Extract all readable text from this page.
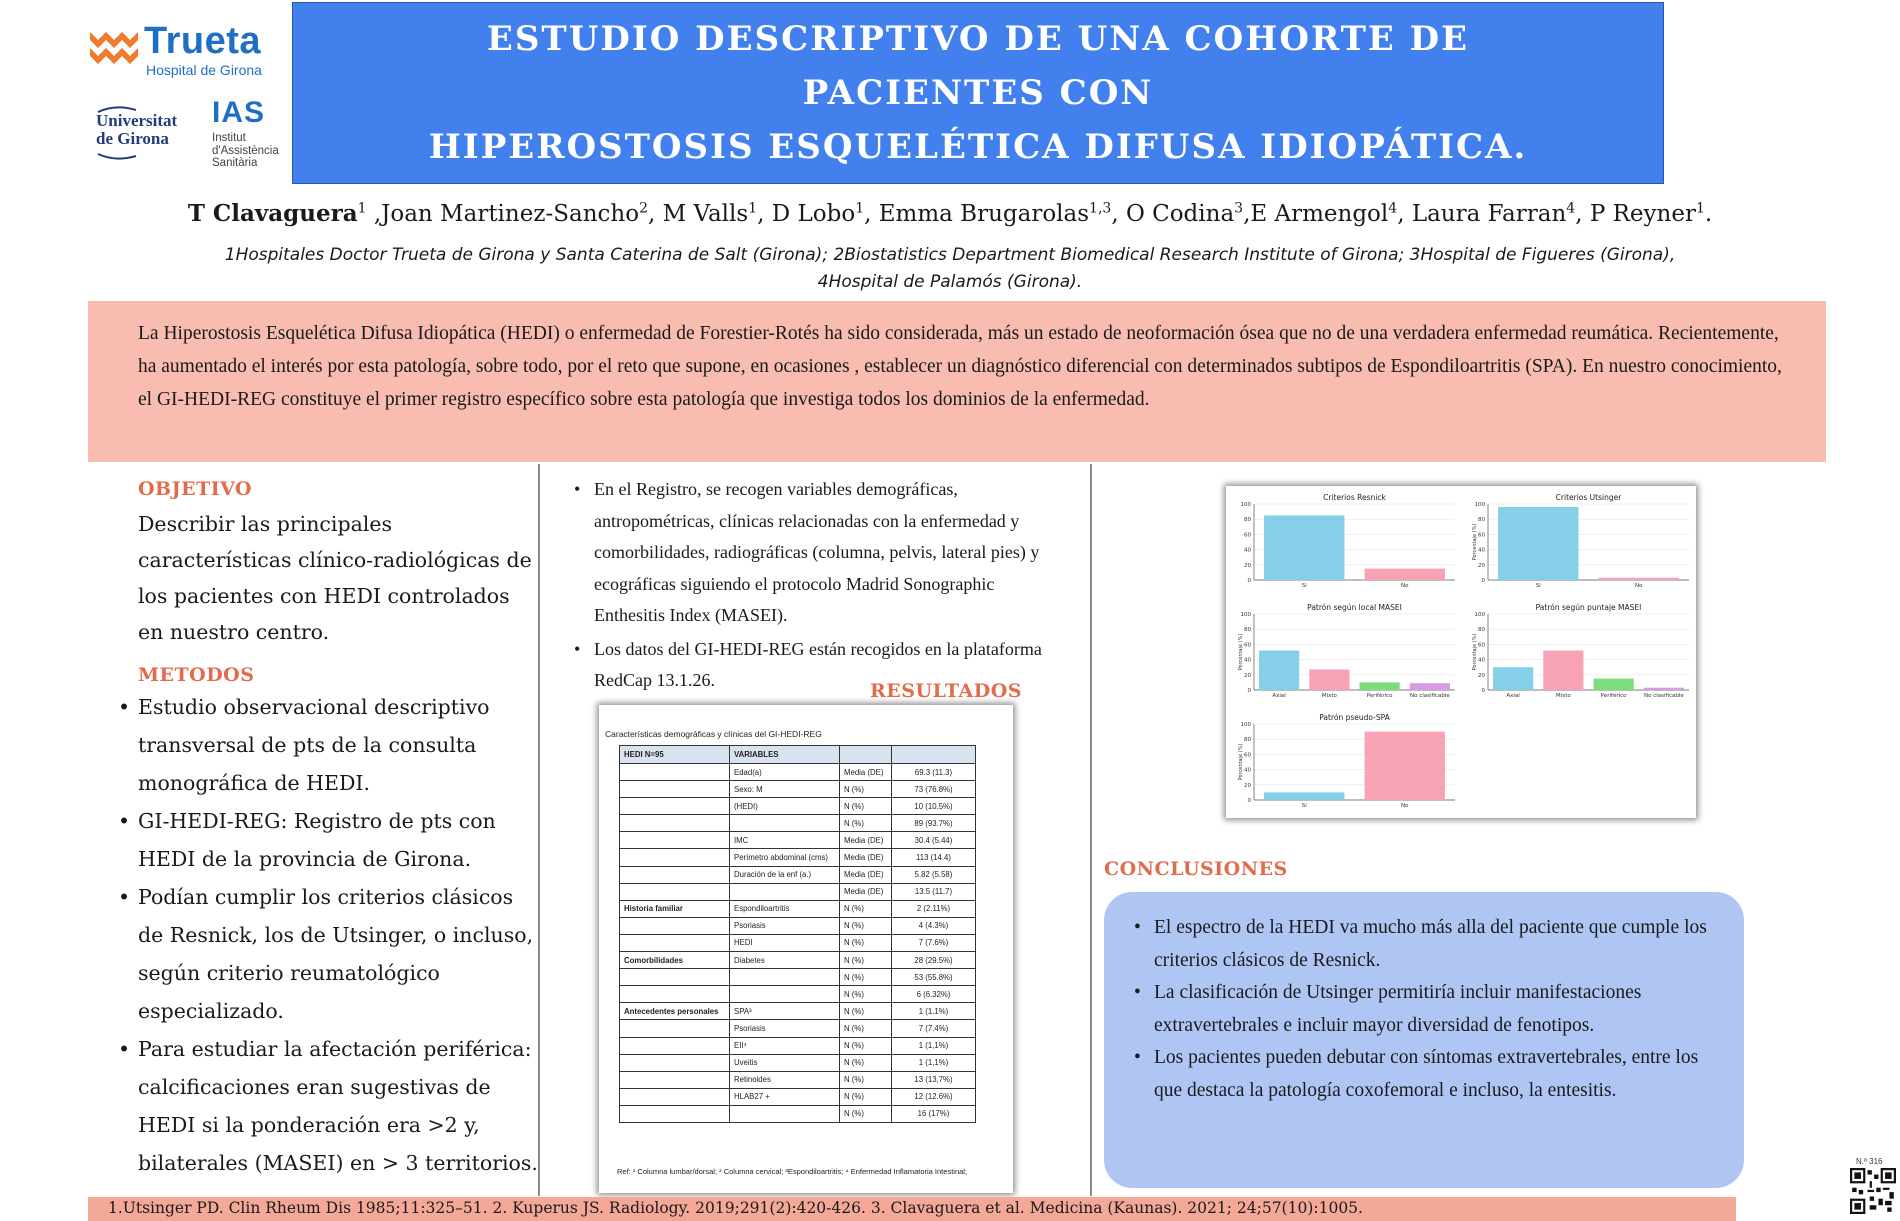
Trueta
Hospital de Girona
Universitat
de Girona
IAS
Institut
d'Assistència
Sanitària
ESTUDIO DESCRIPTIVO DE UNA COHORTE DE PACIENTES CON
HIPEROSTOSIS ESQUELÉTICA DIFUSA IDIOPÁTICA.
T Clavaguera$^1$ ,Joan Martinez-Sancho$^2$, M Valls$^1$, D Lobo$^1$, Emma Brugarolas$^{1,3}$, O Codina$^3$,E Armengol$^4$, Laura Farran$^4$, P Reyner$^1$.
1Hospitales Doctor Trueta de Girona y Santa Caterina de Salt (Girona); 2Biostatistics Department Biomedical Research Institute of Girona; 3Hospital de Figueres (Girona),
4Hospital de Palamós (Girona).

La Hiperostosis Esquelética Difusa Idiopática (HEDI) o enfermedad de Forestier-Rotés ha sido considerada, más un estado de neoformación ósea que no de una verdadera enfermedad reumática. Recientemente, ha aumentado el interés por esta patología, sobre todo, por el reto que supone, en ocasiones , establecer un diagnóstico diferencial con determinados subtipos de Espondiloartritis (SPA). En nuestro conocimiento, el GI-HEDI-REG constituye el primer registro específico sobre esta patología que investiga todos los dominios de la enfermedad.

OBJETIVO
Describir las principales características clínico-radiológicas de los pacientes con HEDI controlados en nuestro centro.
METODOS
• Estudio observacional descriptivo transversal de pts de la consulta monográfica de HEDI.
• GI-HEDI-REG: Registro de pts con HEDI de la provincia de Girona.
• Podían cumplir los criterios clásicos de Resnick, los de Utsinger, o incluso, según criterio reumatológico especializado.
• Para estudiar la afectación periférica: calcificaciones eran sugestivas de HEDI si la ponderación era >2 y, bilaterales (MASEI) en > 3 territorios.
• En el Registro, se recogen variables demográficas, antropométricas, clínicas relacionadas con la enfermedad y comorbilidades, radiográficas (columna, pelvis, lateral pies) y ecográficas siguiendo el protocolo Madrid Sonographic Enthesitis Index (MASEI).
• Los datos del GI-HEDI-REG están recogidos en la plataforma RedCap 13.1.26.	RESULTADOS
Características demográficas y clínicas del GI-HEDI-REG
HEDI N=95	VARIABLES		
	Edad(a)	Media (DE)	69.3 (11.3)
	Sexo: M	N (%)	73 (76.8%)
	(HEDI)	N (%)	10 (10.5%)
		N (%)	89 (93.7%)
	IMC	Media (DE)	30.4 (5.44)
	Perímetro abdominal (cms)	Media (DE)	113 (14.4)
	Duración de la enf (a.)	Media (DE)	5.82 (5.58)
		Media (DE)	13.5 (11.7)
Historia familiar	Espondiloartritis	N (%)	2 (2.11%)
	Psoriasis	N (%)	4 (4.3%)
	HEDI	N (%)	7 (7.6%)
Comorbilidades	Diabetes	N (%)	28 (29.5%)
		N (%)	53 (55.8%)
		N (%)	6 (6.32%)
Antecedentes personales	SPA³	N (%)	1 (1.1%)
	Psoriasis	N (%)	7 (7.4%)
	EII⁴	N (%)	1 (1,1%)
	Uveitis	N (%)	1 (1,1%)
	Retinoides	N (%)	13 (13,7%)
	HLAB27 +	N (%)	12 (12.6%)
		N (%)	16 (17%)
Ref: ¹ Columna lumbar/dorsal; ² Columna cervical; ³Espondiloartritis; ⁴ Enfermedad Inflamatoria Intestinal;
Criterios Resnick
0
20
40
60
80
100
Sí	No
Criterios Utsinger
0
20
40
60
80
100
Porcentaje (%)
Sí	No
Patrón según local MASEI
0
20
40
60
80
100
Porcentaje (%)
Axial	Mixto	Periférico	No clasificable
Patrón según puntaje MASEI
0
20
40
60
80
100
Porcentaje (%)
Axial	Mixto	Periférico	No clasificable
Patrón pseudo-SPA
0
20
40
60
80
100
Porcentaje (%)
Sí	No
CONCLUSIONES
• El espectro de la HEDI va mucho más alla del paciente que cumple los criterios clásicos de Resnick.
• La clasificación de Utsinger permitiría incluir manifestaciones extravertebrales e incluir mayor diversidad de fenotipos.
• Los pacientes pueden debutar con síntomas extravertebrales, entre los que destaca la patología coxofemoral e incluso, la entesitis.
1.Utsinger PD. Clin Rheum Dis 1985;11:325–51. 2. Kuperus JS. Radiology. 2019;291(2):420-426. 3. Clavaguera et al. Medicina (Kaunas). 2021; 24;57(10):1005.
N.º 316
